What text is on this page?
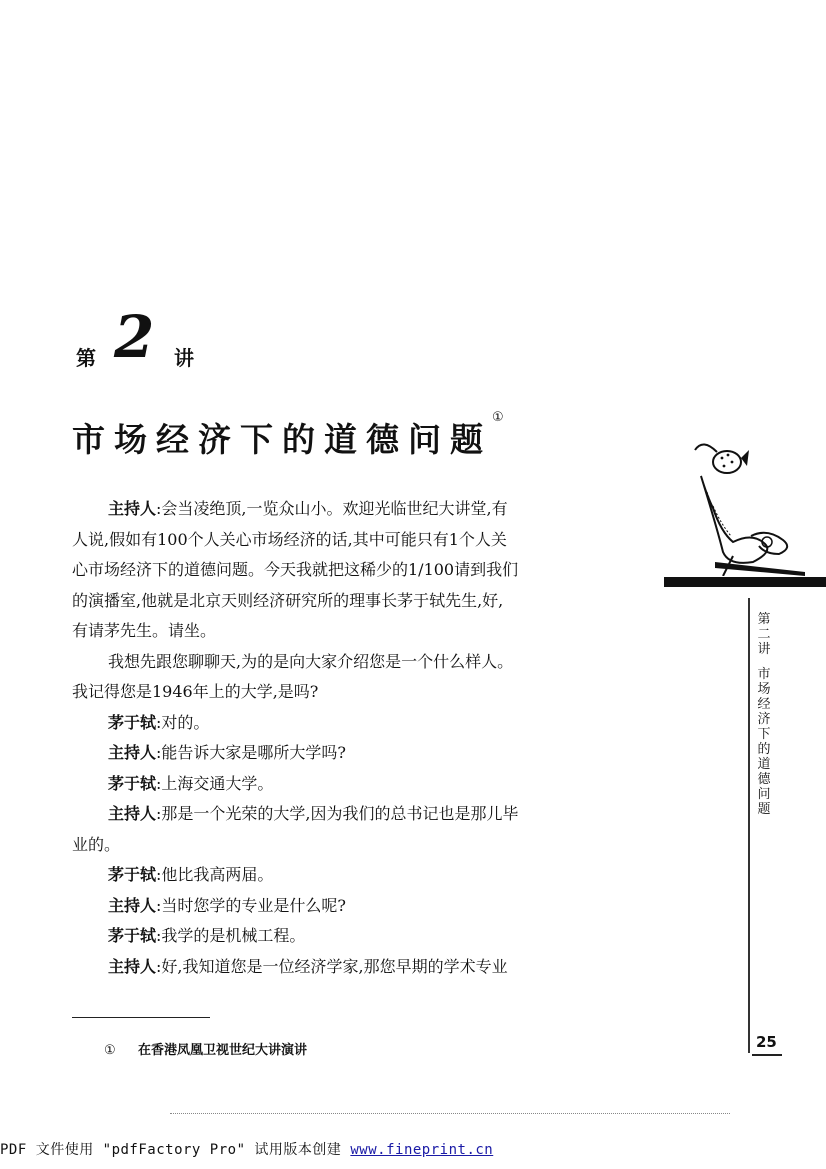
第 2 讲
市场经济下的道德问题①
主持人:会当凌绝顶,一览众山小。欢迎光临世纪大讲堂,有
人说,假如有100个人关心市场经济的话,其中可能只有1个人关
心市场经济下的道德问题。今天我就把这稀少的1/100请到我们
的演播室,他就是北京天则经济研究所的理事长茅于轼先生,好,
有请茅先生。请坐。
我想先跟您聊聊天,为的是向大家介绍您是一个什么样人。
我记得您是1946年上的大学,是吗?
茅于轼:对的。
主持人:能告诉大家是哪所大学吗?
茅于轼:上海交通大学。
主持人:那是一个光荣的大学,因为我们的总书记也是那儿毕
业的。
茅于轼:他比我高两届。
主持人:当时您学的专业是什么呢?
茅于轼:我学的是机械工程。
主持人:好,我知道您是一位经济学家,那您早期的学术专业
① 在香港凤凰卫视世纪大讲演讲
第
二
讲
市
场
经
济
下
的
道
德
问
题
25
PDF 文件使用 "pdfFactory Pro" 试用版本创建 www.fineprint.cn
